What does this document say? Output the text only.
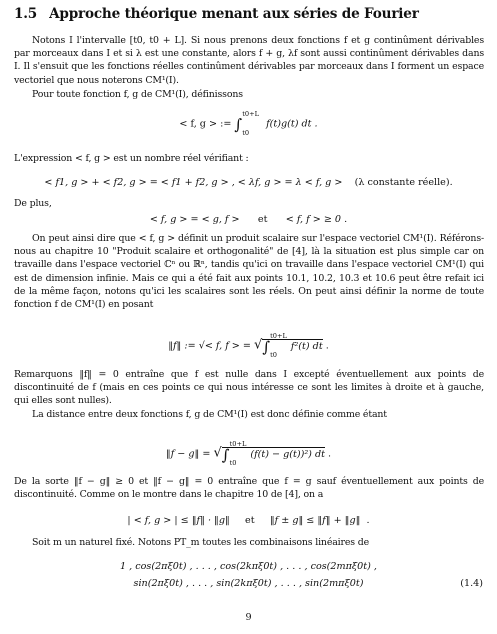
1.5 Approche théorique menant aux séries de Fourier
Notons I l'intervalle [t0, t0 + L]. Si nous prenons deux fonctions f et g continûment dérivables par morceaux dans I et si λ est une constante, alors f + g, λf sont aussi continûment dérivables dans I. Il s'ensuit que les fonctions réelles continûment dérivables par morceaux dans I forment un espace vectoriel que nous noterons CM¹(I).
Pour toute fonction f, g de CM¹(I), définissons
< f, g > := ∫
t0+L
t0
f(t)g(t) dt .
L'expression < f, g > est un nombre réel vérifiant :
< f1, g > + < f2, g > = < f1 + f2, g > , < λf, g > = λ < f, g > (λ constante réelle).
De plus,
< f, g > = < g, f > et < f, f > ≥ 0 .
On peut ainsi dire que < f, g > définit un produit scalaire sur l'espace vectoriel CM¹(I). Référons-nous au chapitre 10 "Produit scalaire et orthogonalité" de [4], là la situation est plus simple car on travaille dans l'espace vectoriel ℂⁿ ou ℝⁿ, tandis qu'ici on travaille dans l'espace vectoriel CM¹(I) qui est de dimension infinie. Mais ce qui a été fait aux points 10.1, 10.2, 10.3 et 10.6 peut être refait ici de la même façon, notons qu'ici les scalaires sont les réels. On peut ainsi définir la norme de toute fonction f de CM¹(I) en posant
‖f‖ := √< f, f > = √∫
t0+L
t0
f²(t) dt .
Remarquons ‖f‖ = 0 entraîne que f est nulle dans I excepté éventuellement aux points de discontinuité de f (mais en ces points ce qui nous intéresse ce sont les limites à droite et à gauche, qui elles sont nulles).
La distance entre deux fonctions f, g de CM¹(I) est donc définie comme étant
‖f − g‖ = √∫
t0+L
t0
(f(t) − g(t))²) dt .
De la sorte ‖f − g‖ ≥ 0 et ‖f − g‖ = 0 entraîne que f = g sauf éventuellement aux points de discontinuité. Comme on le montre dans le chapitre 10 de [4], on a
| < f, g > | ≤ ‖f‖ · ‖g‖ et ‖f ± g‖ ≤ ‖f‖ + ‖g‖  .
Soit m un naturel fixé. Notons PT_m toutes les combinaisons linéaires de
1 , cos(2πξ0t) , . . . , cos(2kπξ0t) , . . . , cos(2mπξ0t) ,
sin(2πξ0t) , . . . , sin(2kπξ0t) , . . . , sin(2mπξ0t)	(1.4)
9
